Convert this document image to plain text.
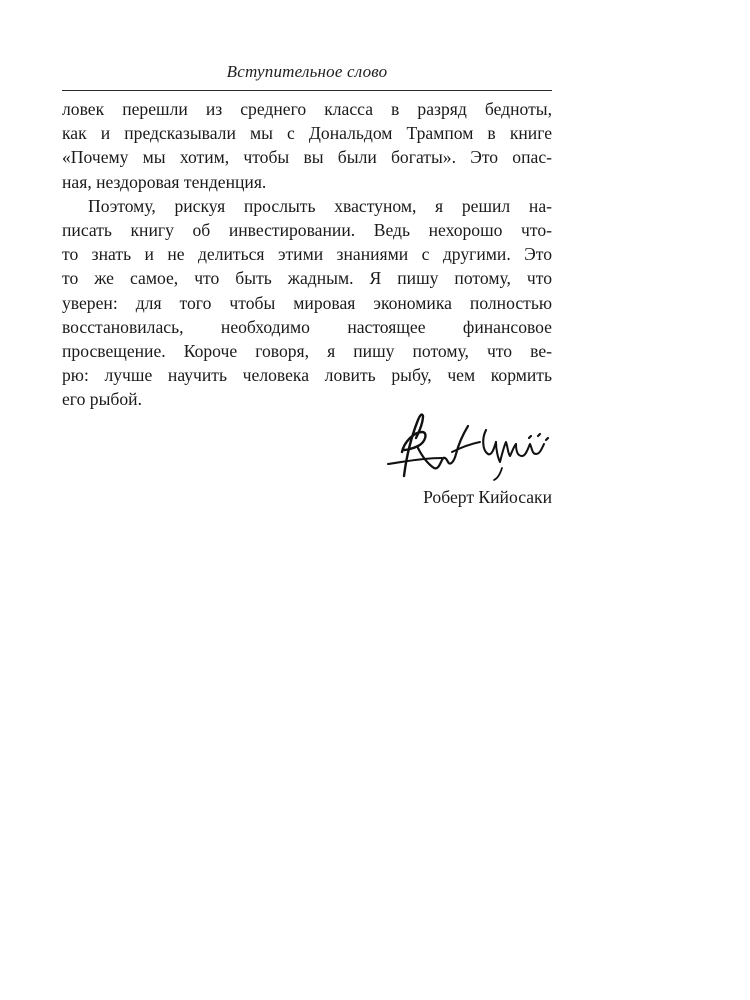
Вступительное слово
ловек перешли из среднего класса в разряд бедноты,
как и предсказывали мы с Дональдом Трампом в книге
«Почему мы хотим, чтобы вы были богаты». Это опас-
ная, нездоровая тенденция.
Поэтому, рискуя прослыть хвастуном, я решил на-
писать книгу об инвестировании. Ведь нехорошо что-
то знать и не делиться этими знаниями с другими. Это
то же самое, что быть жадным. Я пишу потому, что
уверен: для того чтобы мировая экономика полностью
восстановилась, необходимо настоящее финансовое
просвещение. Короче говоря, я пишу потому, что ве-
рю: лучше научить человека ловить рыбу, чем кормить
его рыбой.
Роберт Кийосаки
